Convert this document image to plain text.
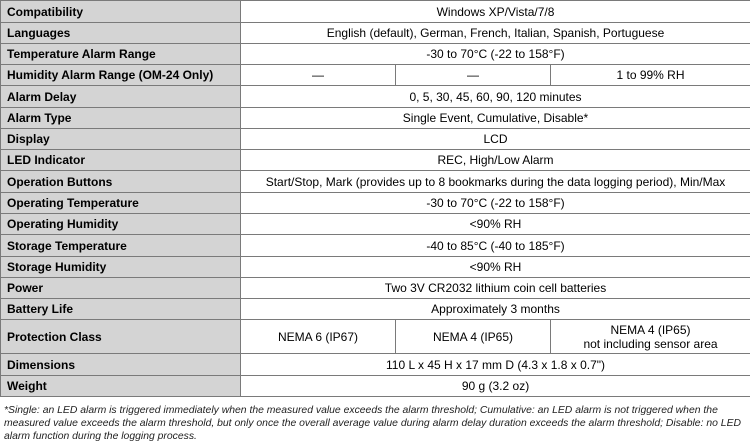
Compatibility	Windows XP/Vista/7/8		
Languages	English (default), German, French, Italian, Spanish, Portuguese		
Temperature Alarm Range	-30 to 70°C (-22 to 158°F)		
Humidity Alarm Range (OM-24 Only)	—	—	1 to 99% RH
Alarm Delay	0, 5, 30, 45, 60, 90, 120 minutes		
Alarm Type	Single Event, Cumulative, Disable*		
Display	LCD		
LED Indicator	REC, High/Low Alarm		
Operation Buttons	Start/Stop, Mark (provides up to 8 bookmarks during the data logging period), Min/Max		
Operating Temperature	-30 to 70°C (-22 to 158°F)		
Operating Humidity	<90% RH		
Storage Temperature	-40 to 85°C (-40 to 185°F)		
Storage Humidity	<90% RH		
Power	Two 3V CR2032 lithium coin cell batteries		
Battery Life	Approximately 3 months		
Protection Class	NEMA 6 (IP67)	NEMA 4 (IP65)	NEMA 4 (IP65)
not including sensor area
Dimensions	110 L x 45 H x 17 mm D (4.3 x 1.8 x 0.7")		
Weight	90 g (3.2 oz)		
*Single: an LED alarm is triggered immediately when the measured value exceeds the alarm threshold; Cumulative: an LED alarm is not triggered when the measured value exceeds the alarm threshold, but only once the overall average value during alarm delay duration exceeds the alarm threshold; Disable: no LED alarm function during the logging process.
